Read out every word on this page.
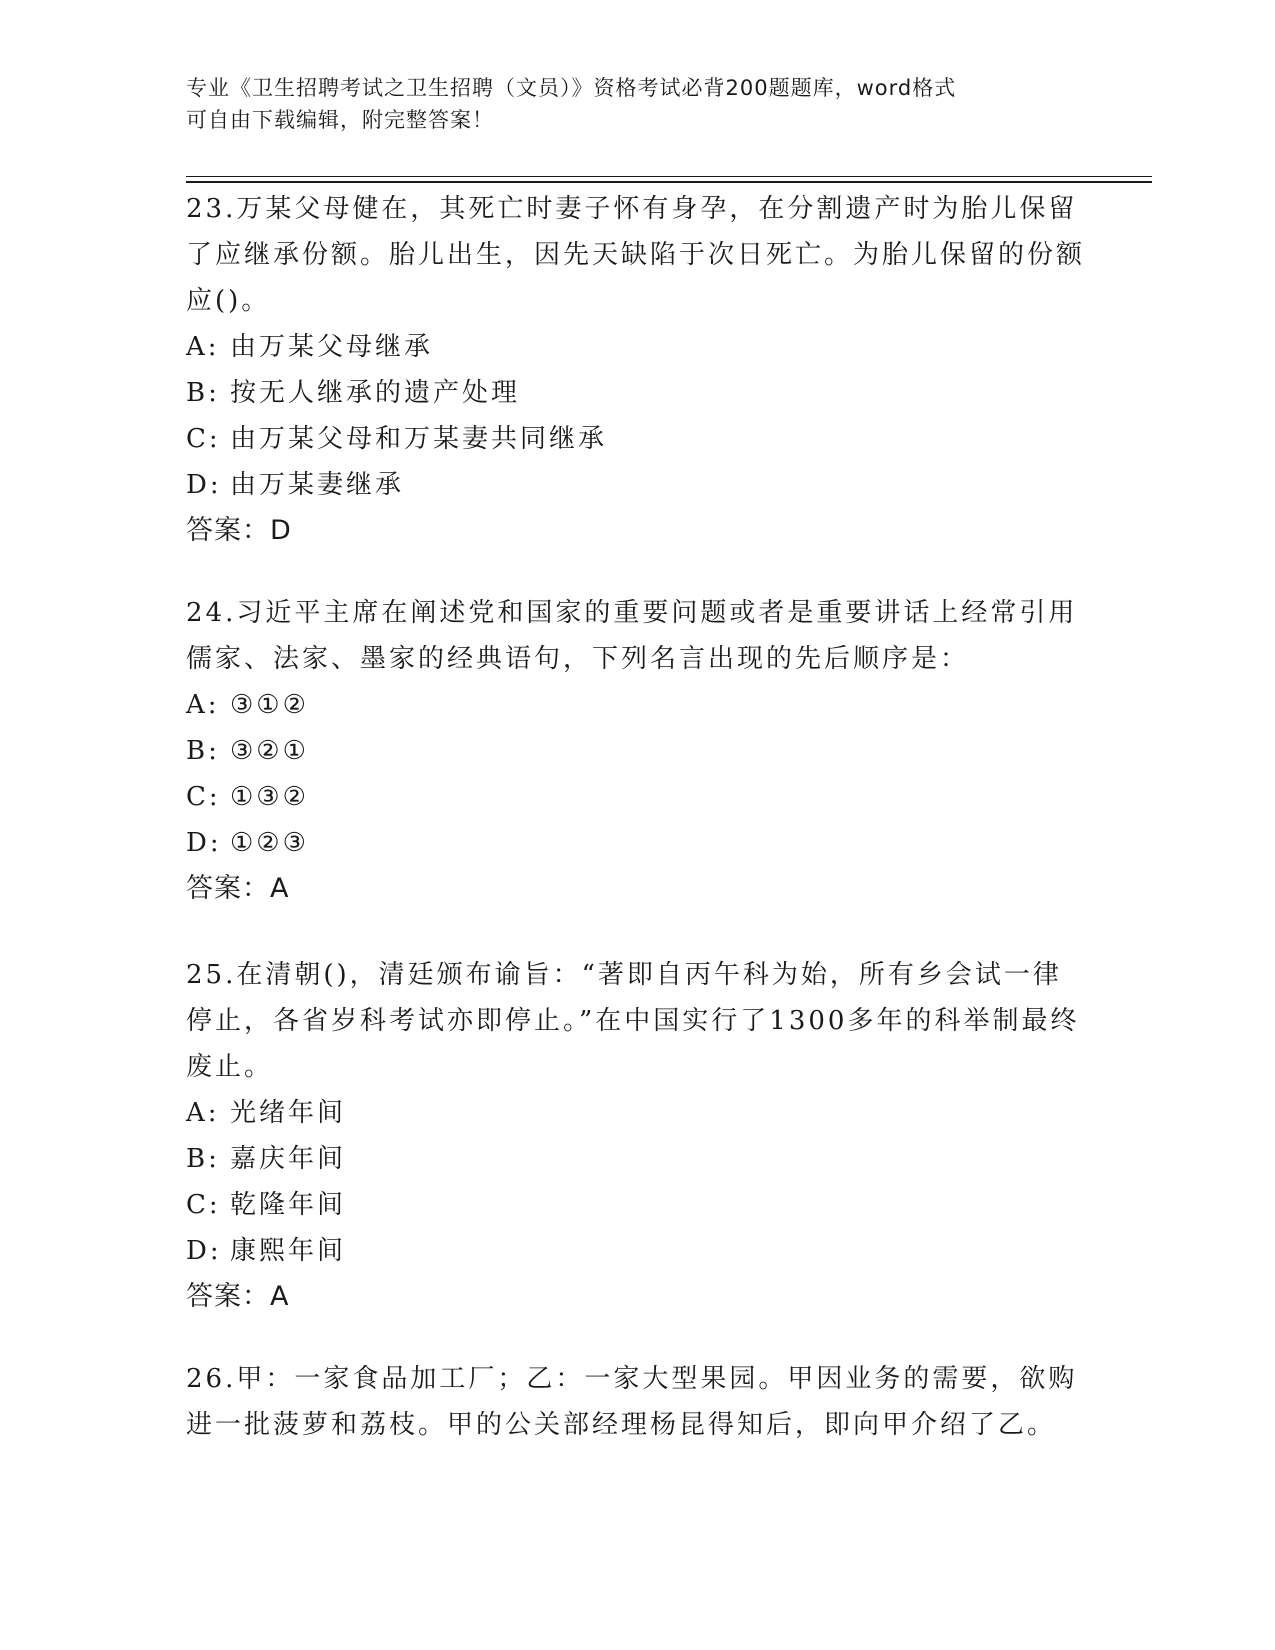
专业《卫生招聘考试之卫生招聘（文员）》资格考试必背200题题库，word格式
可自由下载编辑，附完整答案！

23.万某父母健在，其死亡时妻子怀有身孕，在分割遗产时为胎儿保留了应继承份额。胎儿出生，因先天缺陷于次日死亡。为胎儿保留的份额应()。

A: 由万某父母继承
B: 按无人继承的遗产处理
C: 由万某父母和万某妻共同继承
D: 由万某妻继承
答案：D

24.习近平主席在阐述党和国家的重要问题或者是重要讲话上经常引用儒家、法家、墨家的经典语句，下列名言出现的先后顺序是：

A: ③①②
B: ③②①
C: ①③②
D: ①②③
答案：A

25.在清朝()，清廷颁布谕旨：“著即自丙午科为始，所有乡会试一律停止，各省岁科考试亦即停止。”在中国实行了1300多年的科举制最终废止。

A: 光绪年间
B: 嘉庆年间
C: 乾隆年间
D: 康熙年间
答案：A

26.甲：一家食品加工厂；乙：一家大型果园。甲因业务的需要，欲购进一批菠萝和荔枝。甲的公关部经理杨昆得知后，即向甲介绍了乙。
